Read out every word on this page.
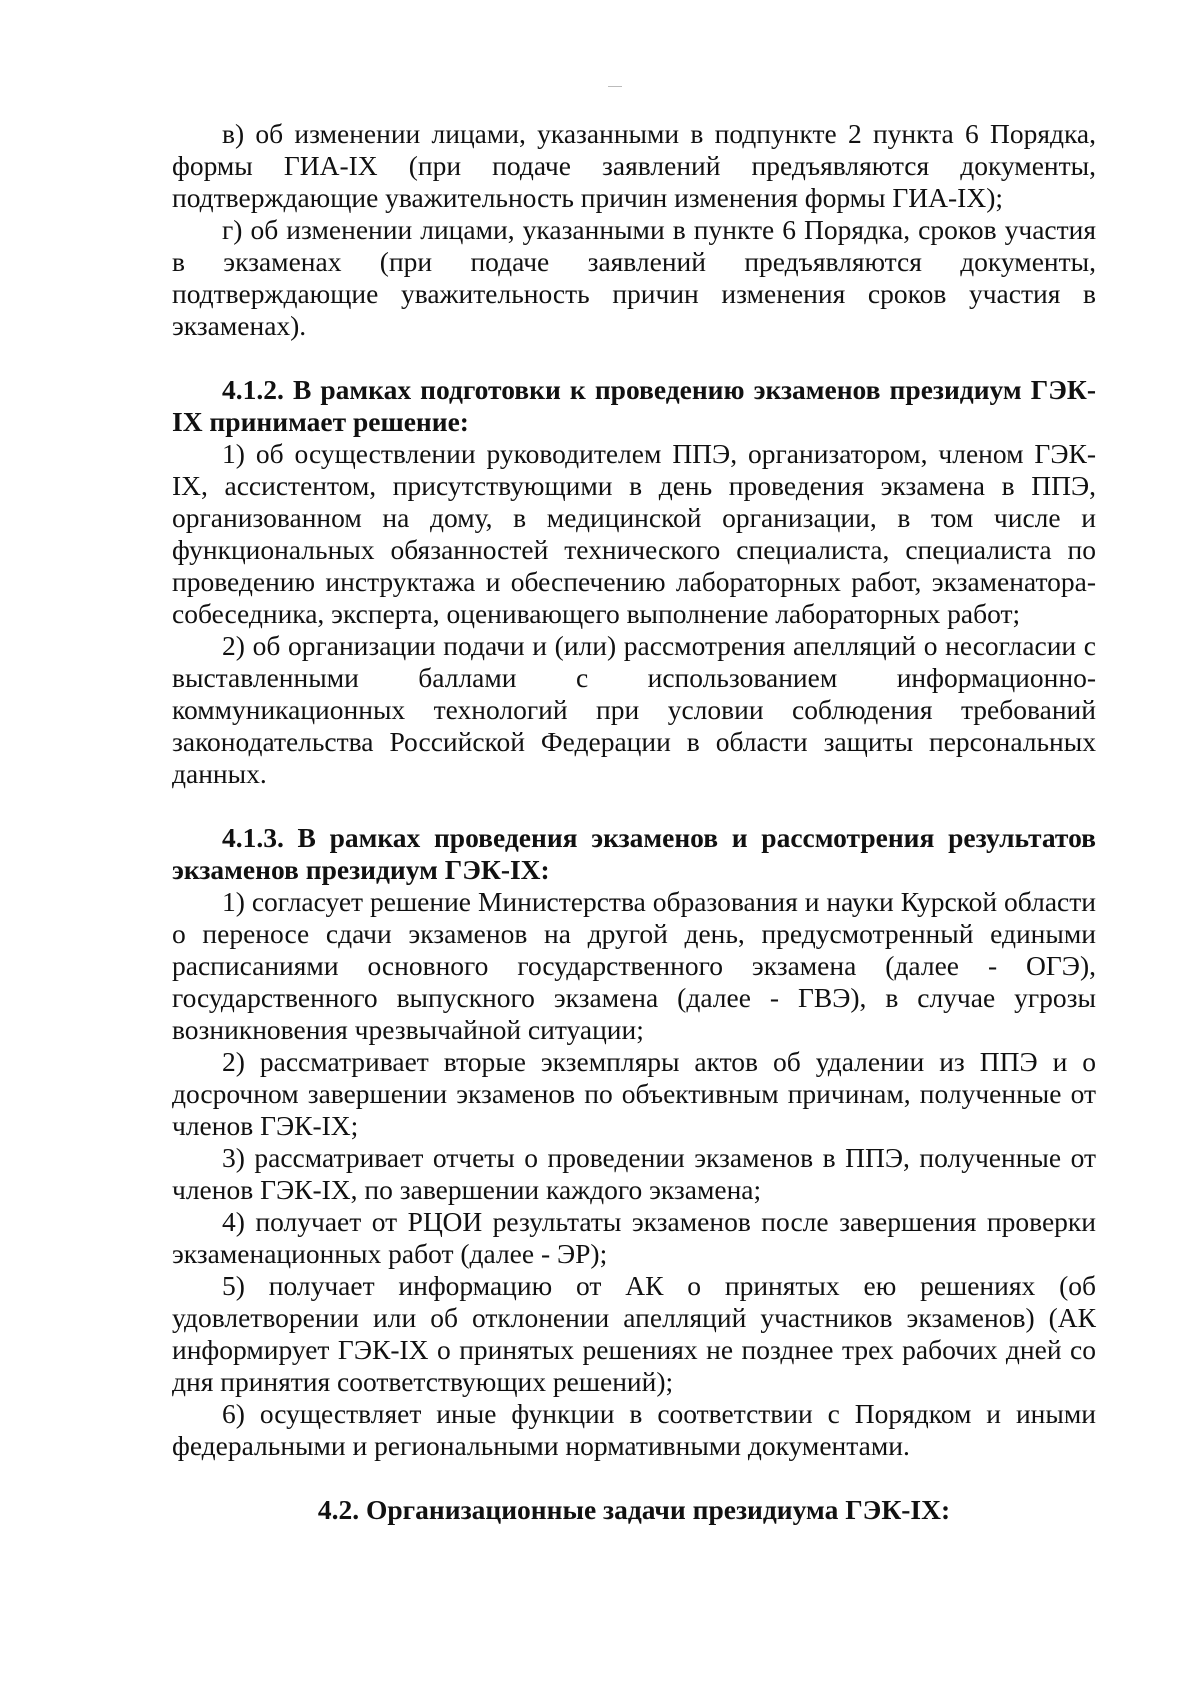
в) об изменении лицами, указанными в подпункте 2 пункта 6 Порядка, формы ГИА-IX (при подаче заявлений предъявляются документы, подтверждающие уважительность причин изменения формы ГИА-IX);

г) об изменении лицами, указанными в пункте 6 Порядка, сроков участия в экзаменах (при подаче заявлений предъявляются документы, подтверждающие уважительность причин изменения сроков участия в экзаменах).

4.1.2. В рамках подготовки к проведению экзаменов президиум ГЭК-IX принимает решение:

1) об осуществлении руководителем ППЭ, организатором, членом ГЭК-IX, ассистентом, присутствующими в день проведения экзамена в ППЭ, организованном на дому, в медицинской организации, в том числе и функциональных обязанностей технического специалиста, специалиста по проведению инструктажа и обеспечению лабораторных работ, экзаменатора-собеседника, эксперта, оценивающего выполнение лабораторных работ;

2) об организации подачи и (или) рассмотрения апелляций о несогласии с выставленными баллами с использованием информационно-коммуникационных технологий при условии соблюдения требований законодательства Российской Федерации в области защиты персональных данных.

4.1.3. В рамках проведения экзаменов и рассмотрения результатов экзаменов президиум ГЭК-IX:

1) согласует решение Министерства образования и науки Курской области о переносе сдачи экзаменов на другой день, предусмотренный едиными расписаниями основного государственного экзамена (далее - ОГЭ), государственного выпускного экзамена (далее - ГВЭ), в случае угрозы возникновения чрезвычайной ситуации;

2) рассматривает вторые экземпляры актов об удалении из ППЭ и о досрочном завершении экзаменов по объективным причинам, полученные от членов ГЭК-IX;

3) рассматривает отчеты о проведении экзаменов в ППЭ, полученные от членов ГЭК-IX, по завершении каждого экзамена;

4) получает от РЦОИ результаты экзаменов после завершения проверки экзаменационных работ (далее - ЭР);

5) получает информацию от АК о принятых ею решениях (об удовлетворении или об отклонении апелляций участников экзаменов) (АК информирует ГЭК-IX о принятых решениях не позднее трех рабочих дней со дня принятия соответствующих решений);

6) осуществляет иные функции в соответствии с Порядком и иными федеральными и региональными нормативными документами.

4.2. Организационные задачи президиума ГЭК-IX:
